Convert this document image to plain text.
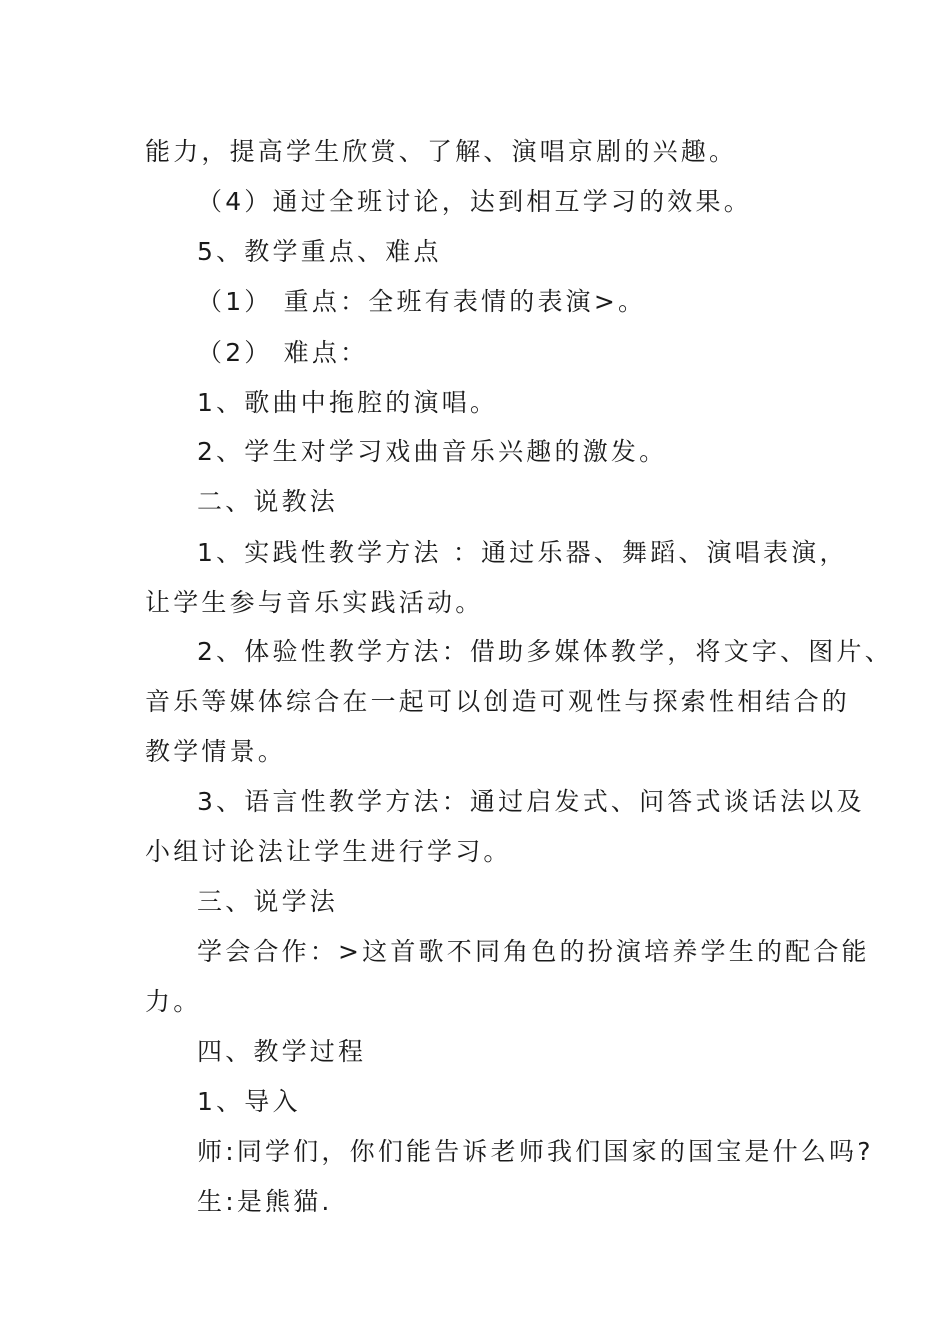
能力，提高学生欣赏、了解、演唱京剧的兴趣。
（4）通过全班讨论，达到相互学习的效果。
5、教学重点、难点
（1） 重点：全班有表情的表演>。
（2） 难点：
1、歌曲中拖腔的演唱。
2、学生对学习戏曲音乐兴趣的激发。
二、说教法
1、实践性教学方法 ：通过乐器、舞蹈、演唱表演，
让学生参与音乐实践活动。
2、体验性教学方法：借助多媒体教学，将文字、图片、
音乐等媒体综合在一起可以创造可观性与探索性相结合的
教学情景。
3、语言性教学方法：通过启发式、问答式谈话法以及
小组讨论法让学生进行学习。
三、说学法
学会合作：>这首歌不同角色的扮演培养学生的配合能
力。
四、教学过程
1、导入
师:同学们，你们能告诉老师我们国家的国宝是什么吗?
生:是熊猫.
